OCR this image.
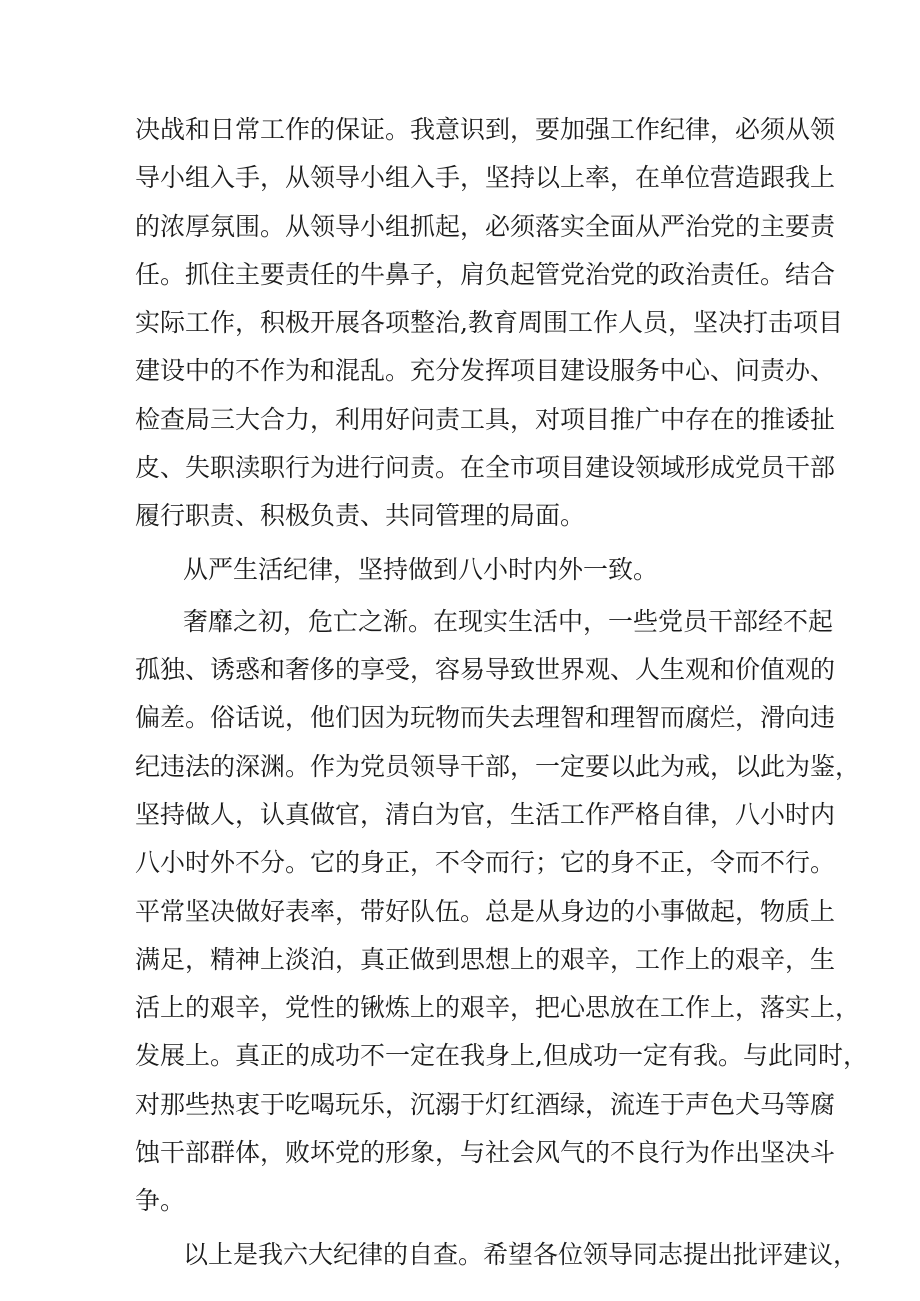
决战和日常工作的保证。我意识到，要加强工作纪律，必须从领
导小组入手，从领导小组入手，坚持以上率，在单位营造跟我上
的浓厚氛围。从领导小组抓起，必须落实全面从严治党的主要责
任。抓住主要责任的牛鼻子，肩负起管党治党的政治责任。结合
实际工作，积极开展各项整治,教育周围工作人员，坚决打击项目
建设中的不作为和混乱。充分发挥项目建设服务中心、问责办、
检查局三大合力，利用好问责工具，对项目推广中存在的推诿扯
皮、失职渎职行为进行问责。在全市项目建设领域形成党员干部
履行职责、积极负责、共同管理的局面。
从严生活纪律，坚持做到八小时内外一致。
奢靡之初，危亡之渐。在现实生活中，一些党员干部经不起
孤独、诱惑和奢侈的享受，容易导致世界观、人生观和价值观的
偏差。俗话说，他们因为玩物而失去理智和理智而腐烂，滑向违
纪违法的深渊。作为党员领导干部，一定要以此为戒，以此为鉴，
坚持做人，认真做官，清白为官，生活工作严格自律，八小时内
八小时外不分。它的身正，不令而行；它的身不正，令而不行。
平常坚决做好表率，带好队伍。总是从身边的小事做起，物质上
满足，精神上淡泊，真正做到思想上的艰辛，工作上的艰辛，生
活上的艰辛，党性的锹炼上的艰辛，把心思放在工作上，落实上，
发展上。真正的成功不一定在我身上,但成功一定有我。与此同时，
对那些热衷于吃喝玩乐，沉溺于灯红酒绿，流连于声色犬马等腐
蚀干部群体，败坏党的形象，与社会风气的不良行为作出坚决斗
争。
以上是我六大纪律的自查。希望各位领导同志提出批评建议，
